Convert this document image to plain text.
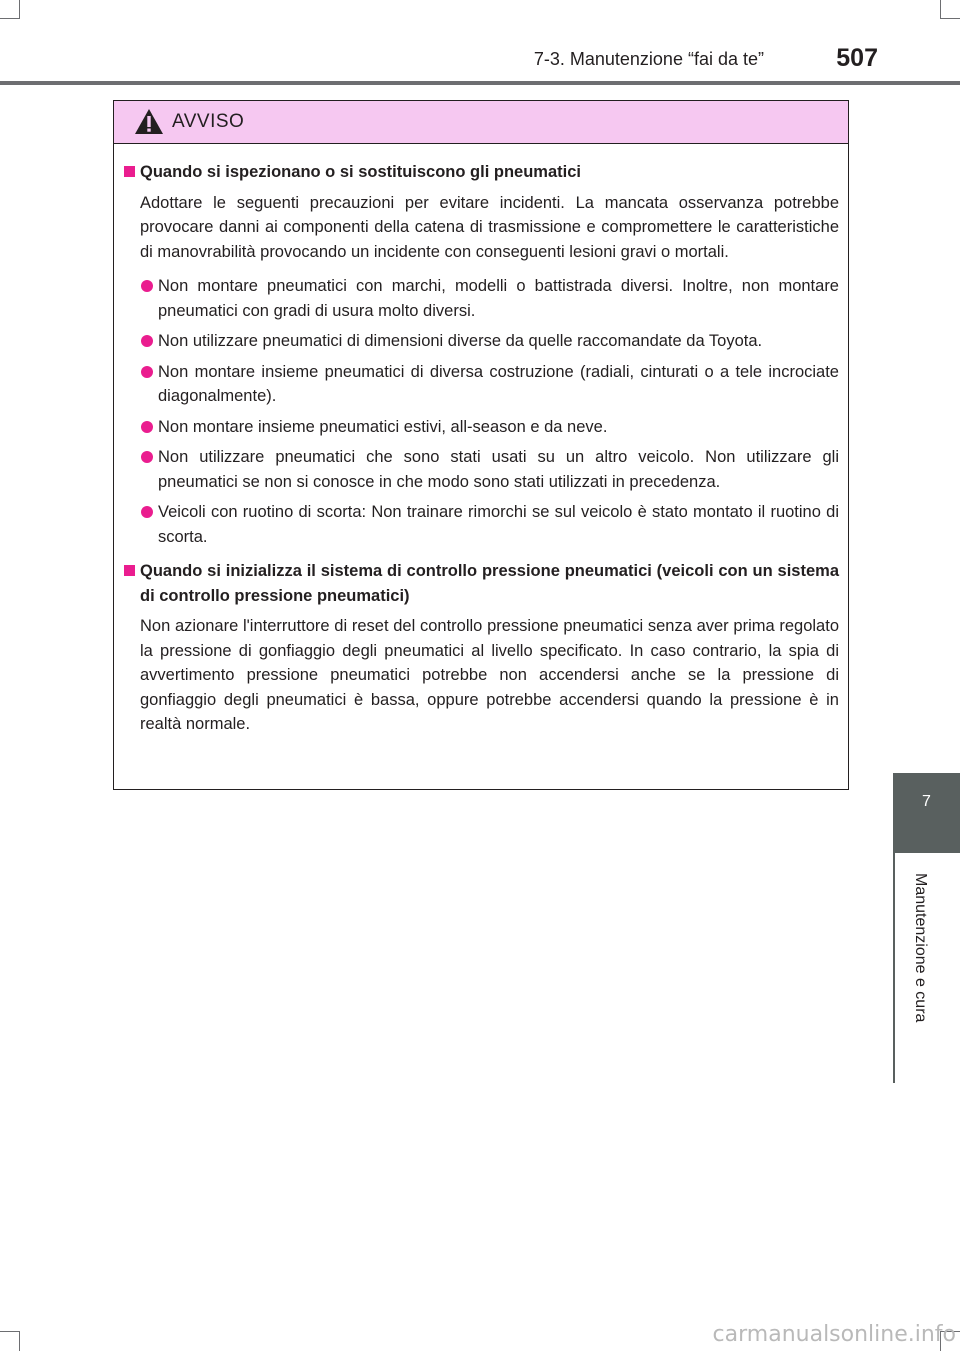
7-3. Manutenzione “fai da te”	507
7
Manutenzione e cura
AVVISO
Quando si ispezionano o si sostituiscono gli pneumatici
Adottare le seguenti precauzioni per evitare incidenti. La mancata osservanza potrebbe provocare danni ai componenti della catena di trasmissione e compromettere le caratteristiche di manovrabilità provocando un incidente con conseguenti lesioni gravi o mortali.
Non montare pneumatici con marchi, modelli o battistrada diversi. Inoltre, non montare pneumatici con gradi di usura molto diversi.
Non utilizzare pneumatici di dimensioni diverse da quelle raccomandate da Toyota.
Non montare insieme pneumatici di diversa costruzione (radiali, cinturati o a tele incrociate diagonalmente).
Non montare insieme pneumatici estivi, all-season e da neve.
Non utilizzare pneumatici che sono stati usati su un altro veicolo. Non utilizzare gli pneumatici se non si conosce in che modo sono stati utilizzati in precedenza.
Veicoli con ruotino di scorta: Non trainare rimorchi se sul veicolo è stato montato il ruotino di scorta.
Quando si inizializza il sistema di controllo pressione pneumatici (veicoli con un sistema di controllo pressione pneumatici)
Non azionare l'interruttore di reset del controllo pressione pneumatici senza aver prima regolato la pressione di gonfiaggio degli pneumatici al livello specificato. In caso contrario, la spia di avvertimento pressione pneumatici potrebbe non accendersi anche se la pressione di gonfiaggio degli pneumatici è bassa, oppure potrebbe accendersi quando la pressione è in realtà normale.
carmanualsonline.info
